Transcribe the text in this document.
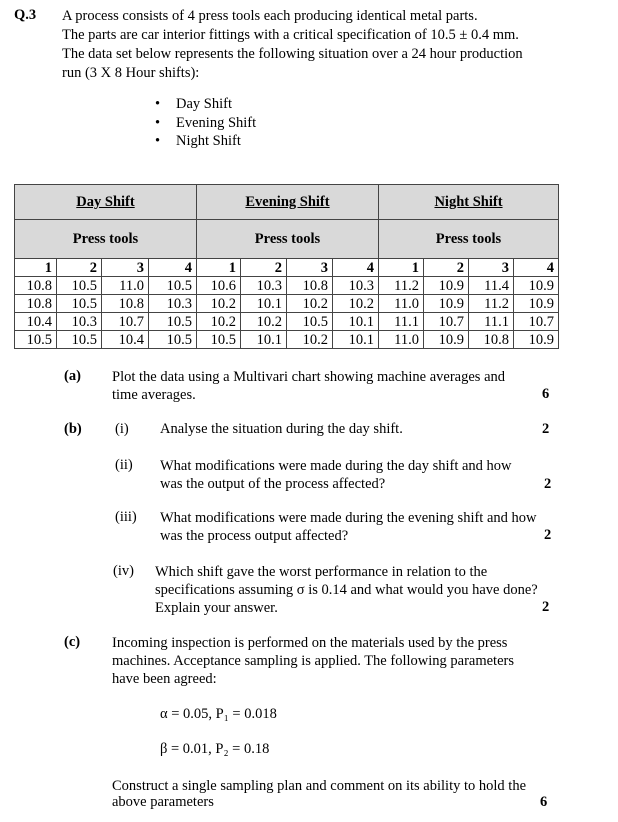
Q.3 A process consists of 4 press tools each producing identical metal parts.
The parts are car interior fittings with a critical specification of 10.5 ± 0.4 mm.
The data set below represents the following situation over a 24 hour production
run (3 X 8 Hour shifts):
•	Day Shift
•	Evening Shift
•	Night Shift
Day Shift				Evening Shift				Night Shift			
Press tools				Press tools				Press tools			
1	2	3	4	1	2	3	4	1	2	3	4
10.8	10.5	11.0	10.5	10.6	10.3	10.8	10.3	11.2	10.9	11.4	10.9
10.8	10.5	10.8	10.3	10.2	10.1	10.2	10.2	11.0	10.9	11.2	10.9
10.4	10.3	10.7	10.5	10.2	10.2	10.5	10.1	11.1	10.7	11.1	10.7
10.5	10.5	10.4	10.5	10.5	10.1	10.2	10.1	11.0	10.9	10.8	10.9
(a) Plot the data using a Multivari chart showing machine averages and
time averages.	6
(b) (i) Analyse the situation during the day shift.	2
(ii) What modifications were made during the day shift and how
was the output of the process affected?	2
(iii) What modifications were made during the evening shift and how
was the process output affected?	2
(iv) Which shift gave the worst performance in relation to the
specifications assuming σ is 0.14 and what would you have done?
Explain your answer.	2
(c) Incoming inspection is performed on the materials used by the press
machines. Acceptance sampling is applied. The following parameters
have been agreed:
α = 0.05, P₁ = 0.018
β = 0.01, P₂ = 0.18
Construct a single sampling plan and comment on its ability to hold the
above parameters	6
